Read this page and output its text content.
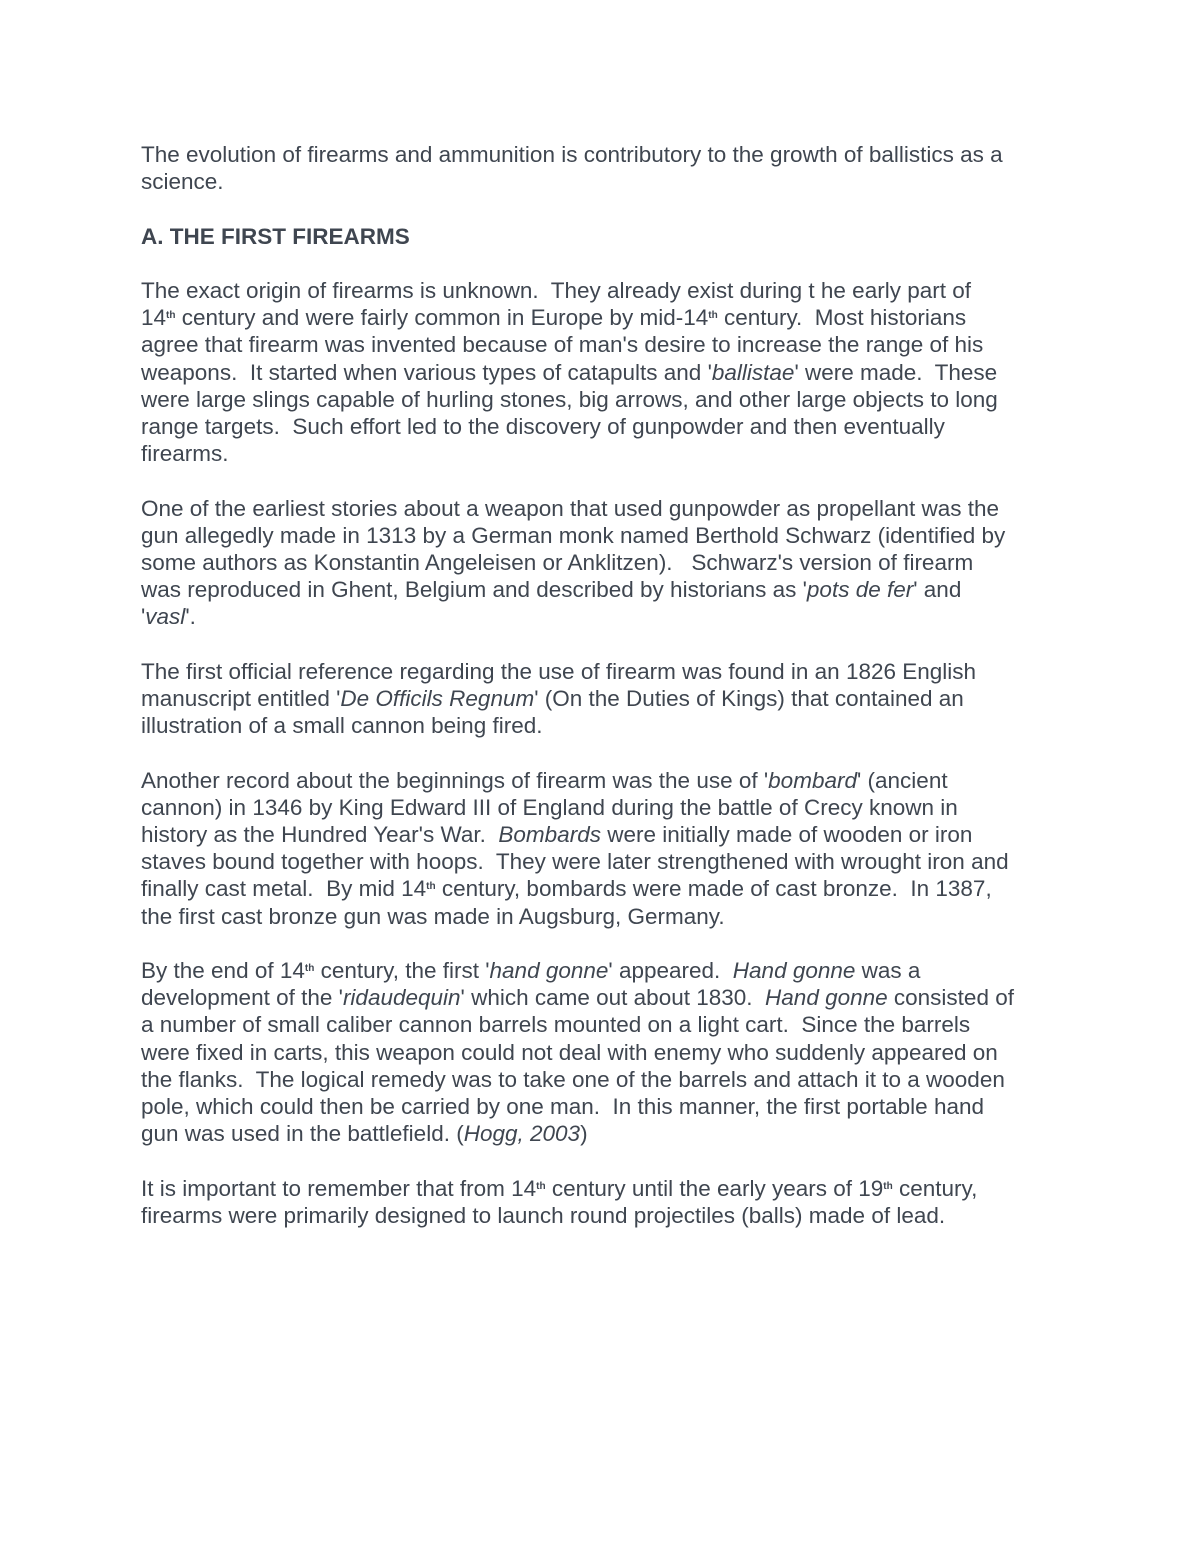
The evolution of firearms and ammunition is contributory to the growth of ballistics as a
science.

A. THE FIRST FIREARMS

The exact origin of firearms is unknown.  They already exist during t he early part of
14th century and were fairly common in Europe by mid-14th century.  Most historians
agree that firearm was invented because of man's desire to increase the range of his
weapons.  It started when various types of catapults and 'ballistae' were made.  These
were large slings capable of hurling stones, big arrows, and other large objects to long
range targets.  Such effort led to the discovery of gunpowder and then eventually
firearms.

One of the earliest stories about a weapon that used gunpowder as propellant was the
gun allegedly made in 1313 by a German monk named Berthold Schwarz (identified by
some authors as Konstantin Angeleisen or Anklitzen).   Schwarz's version of firearm
was reproduced in Ghent, Belgium and described by historians as 'pots de fer' and
'vasl'.

The first official reference regarding the use of firearm was found in an 1826 English
manuscript entitled 'De Officils Regnum' (On the Duties of Kings) that contained an
illustration of a small cannon being fired.

Another record about the beginnings of firearm was the use of 'bombard' (ancient
cannon) in 1346 by King Edward III of England during the battle of Crecy known in
history as the Hundred Year's War.  Bombards were initially made of wooden or iron
staves bound together with hoops.  They were later strengthened with wrought iron and
finally cast metal.  By mid 14th century, bombards were made of cast bronze.  In 1387,
the first cast bronze gun was made in Augsburg, Germany.

By the end of 14th century, the first 'hand gonne' appeared.  Hand gonne was a
development of the 'ridaudequin' which came out about 1830.  Hand gonne consisted of
a number of small caliber cannon barrels mounted on a light cart.  Since the barrels
were fixed in carts, this weapon could not deal with enemy who suddenly appeared on
the flanks.  The logical remedy was to take one of the barrels and attach it to a wooden
pole, which could then be carried by one man.  In this manner, the first portable hand
gun was used in the battlefield. (Hogg, 2003)

It is important to remember that from 14th century until the early years of 19th century,
firearms were primarily designed to launch round projectiles (balls) made of lead.
